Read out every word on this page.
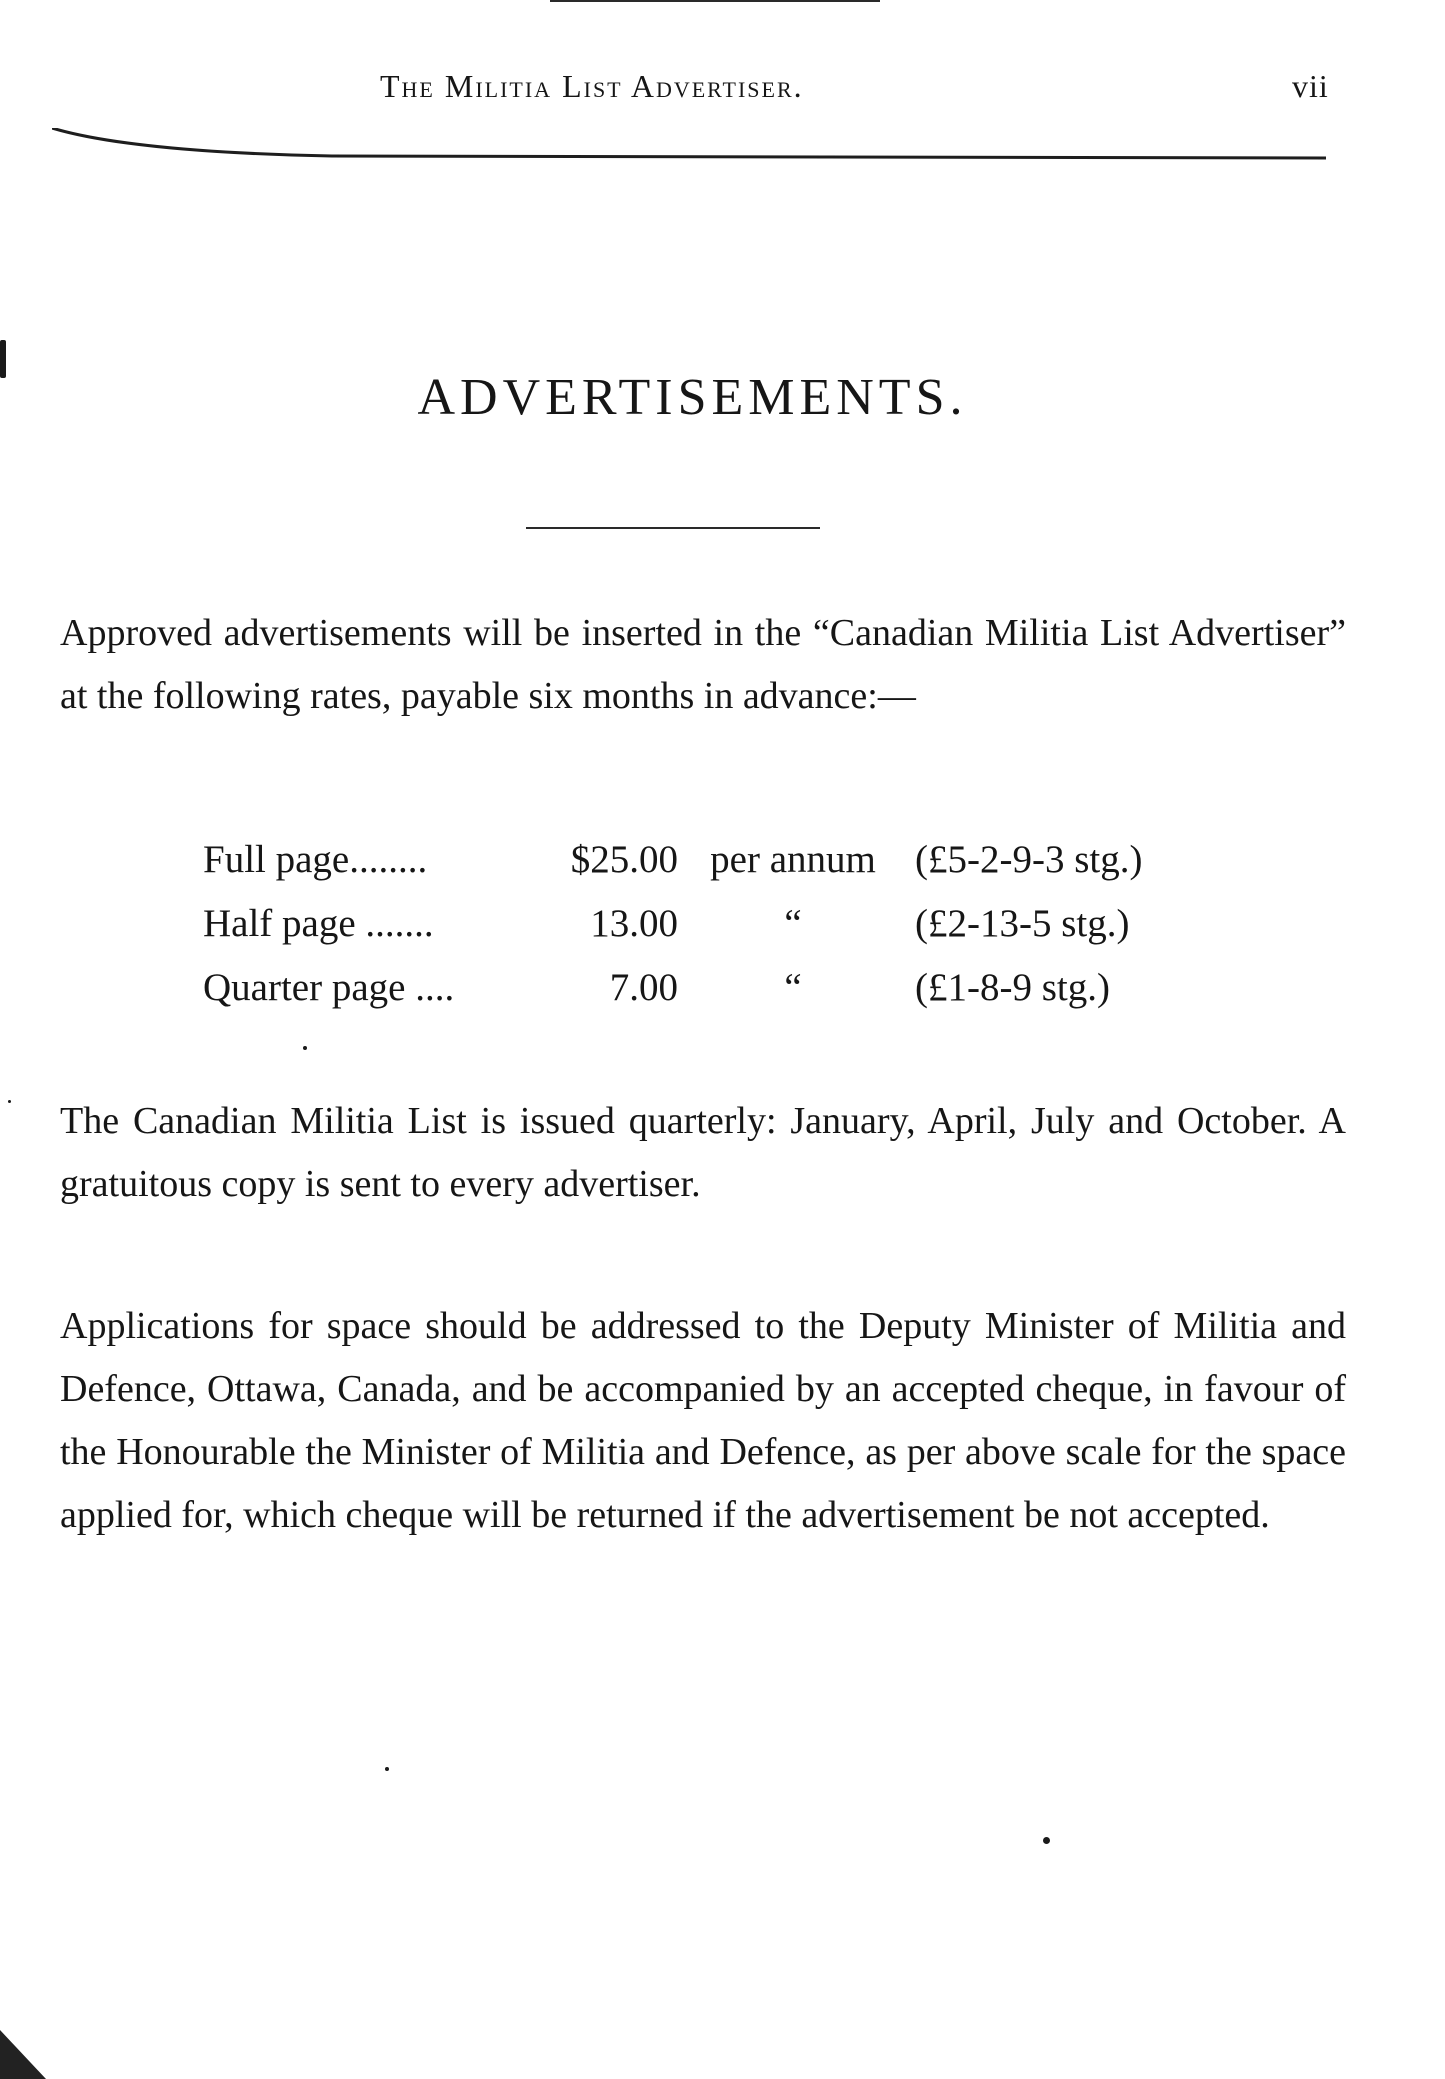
The Militia List Advertiser.	vii
ADVERTISEMENTS.

Approved advertisements will be inserted in the “Canadian Militia List Advertiser” at the following rates, payable six months in advance:—

Full page........	$25.00 per annum	(£5-2-9-3 stg.)
Half page .......	13.00	“	(£2-13-5 stg.)
Quarter page ....	7.00	“	(£1-8-9 stg.)

The Canadian Militia List is issued quarterly: January, April, July and October. A gratuitous copy is sent to every advertiser.

Applications for space should be addressed to the Deputy Minister of Militia and Defence, Ottawa, Canada, and be accompanied by an accepted cheque, in favour of the Honourable the Minister of Militia and Defence, as per above scale for the space applied for, which cheque will be returned if the advertisement be not accepted.
